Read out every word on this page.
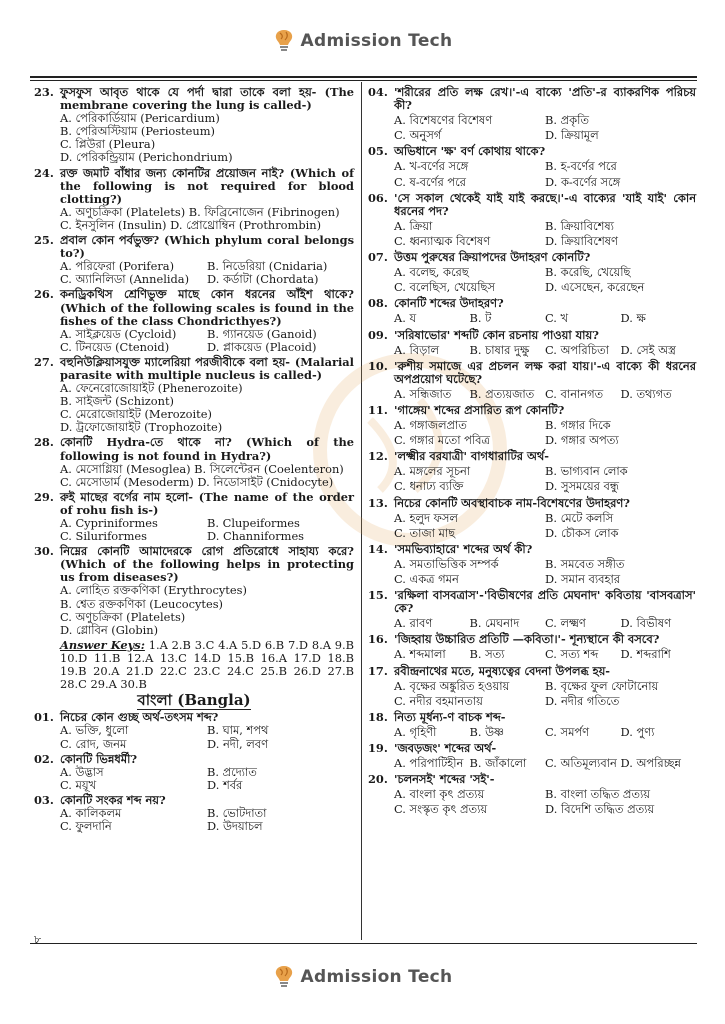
Admission Tech
23. ফুসফুস আবৃত থাকে যে পর্দা দ্বারা তাকে বলা হয়- (The membrane covering the lung is called-)
A. পেরিকার্ডিয়াম (Pericardium)
B. পেরিঅস্টিয়াম (Periosteum)
C. প্লিউরা (Pleura)
D. পেরিকন্ড্রিয়াম (Perichondrium)
24. রক্ত জমাট বাঁধার জন্য কোনটির প্রয়োজন নাই? (Which of the following is not required for blood clotting?)
A. অণুচক্রিকা (Platelets) B. ফিব্রিনোজেন (Fibrinogen)
C. ইনসুলিন (Insulin) D. প্রোথ্রোম্বিন (Prothrombin)
25. প্রবাল কোন পর্বভুক্ত? (Which phylum coral belongs to?)
A. পরিফেরা (Porifera)	B. নিডেরিয়া (Cnidaria)
C. অ্যানিলিডা (Annelida)	D. কর্ডাটা (Chordata)
26. কনড্রিকথিস শ্রেণিভুক্ত মাছে কোন ধরনের আঁইশ থাকে? (Which of the following scales is found in the fishes of the class Chondricthyes?)
A. সাইক্লয়েড (Cycloid)	B. গ্যানয়েড (Ganoid)
C. টিনয়েড (Ctenoid)	D. প্লাকয়েড (Placoid)
27. বহুনিউক্লিয়াসযুক্ত ম্যালেরিয়া পরজীবীকে বলা হয়- (Malarial parasite with multiple nucleus is called-)
A. ফেনেরোজোয়াইট (Phenerozoite)
B. সাইজন্ট (Schizont)
C. মেরোজোয়াইট (Merozoite)
D. ট্রফোজোয়াইট (Trophozoite)
28. কোনটি Hydra-তে থাকে না? (Which of the following is not found in Hydra?)
A. মেসোগ্লিয়া (Mesoglea) B. সিলেন্টেরন (Coelenteron)
C. মেসোডার্ম (Mesoderm) D. নিডোসাইট (Cnidocyte)
29. রুই মাছের বর্গের নাম হলো- (The name of the order of rohu fish is-)
A. Cypriniformes	B. Clupeiformes
C. Siluriformes	D. Channiformes
30. নিম্নের কোনটি আমাদেরকে রোগ প্রতিরোধে সাহায্য করে? (Which of the following helps in protecting us from diseases?)
A. লোহিত রক্তকণিকা (Erythrocytes)
B. শ্বেত রক্তকণিকা (Leucocytes)
C. অণুচক্রিকা (Platelets)
D. গ্লোবিন (Globin)
Answer Keys: 1.A 2.B 3.C 4.A 5.D 6.B 7.D 8.A 9.B 10.D 11.B 12.A 13.C 14.D 15.B 16.A 17.D 18.B 19.B 20.A 21.D 22.C 23.C 24.C 25.B 26.D 27.B 28.C 29.A 30.B
বাংলা (Bangla)
01. নিচের কোন গুচ্ছ অর্থ-তৎসম শব্দ?
A. ভক্তি, ধুলো	B. ঘাম, শপথ
C. রোদ, জনম	D. নদী, লবণ
02. কোনটি ভিন্নধর্মী?
A. উদ্ভাস	B. প্রদ্যোত
C. ময়ূখ	D. শর্বর
03. কোনটি সংকর শব্দ নয়?
A. কালিকলম	B. ভোটদাতা
C. ফুলদানি	D. উদয়াচল
04. 'শরীরের প্রতি লক্ষ রেখ।'-এ বাক্যে 'প্রতি'-র ব্যাকরণিক পরিচয় কী?
A. বিশেষণের বিশেষণ	B. প্রকৃতি
C. অনুসর্গ	D. ক্রিয়ামূল
05. অভিধানে 'ক্ষ' বর্ণ কোথায় থাকে?
A. খ-বর্ণের সঙ্গে	B. হ-বর্ণের পরে
C. ষ-বর্ণের পরে	D. ক-বর্ণের সঙ্গে
06. 'সে সকাল থেকেই যাই যাই করছে।'-এ বাক্যের 'যাই যাই' কোন ধরনের পদ?
A. ক্রিয়া	B. ক্রিয়াবিশেষ্য
C. ধ্বন্যাত্মক বিশেষণ	D. ক্রিয়াবিশেষণ
07. উত্তম পুরুষের ক্রিয়াপদের উদাহরণ কোনটি?
A. বলেছ, করেছ	B. করেছি, খেয়েছি
C. বলেছিস, খেয়েছিস	D. এসেছেন, করেছেন
08. কোনটি শব্দের উদাহরণ?
A. য	B. ট	C. খ	D. ক্ষ
09. 'সরিষাভোর' শব্দটি কোন রচনায় পাওয়া যায়?
A. বিড়াল	B. চাষার দুক্ষু	C. অপরিচিতা	D. সেই অস্ত্র
10. 'রুশীয় সমাজে এর প্রচলন লক্ষ করা যায়।'-এ বাক্যে কী ধরনের অপপ্রয়োগ ঘটেছে?
A. সন্ধিজাত	B. প্রত্যয়জাত C. বানানগত	D. তথ্যগত
11. 'গাঙ্গেয়' শব্দের প্রসারিত রূপ কোনটি?
A. গঙ্গাজলপ্রাত	B. গঙ্গার দিকে
C. গঙ্গার মতো পবিত্র	D. গঙ্গার অপত্য
12. 'লক্ষ্মীর বরযাত্রী' বাগধারাটির অর্থ-
A. মঙ্গলের সূচনা	B. ভাগ্যবান লোক
C. ধনাঢ্য ব্যক্তি	D. সুসময়ের বন্ধু
13. নিচের কোনটি অবস্থাবাচক নাম-বিশেষণের উদাহরণ?
A. হলুদ ফসল	B. মেটে কলসি
C. তাজা মাছ	D. চৌকস লোক
14. 'সমভিব্যাহারে' শব্দের অর্থ কী?
A. সমতাভিত্তিক সম্পর্ক	B. সমবেত সঙ্গীত
C. একত্র গমন	D. সমান ব্যবহার
15. 'রক্ষিলা বাসবত্রাস'-'বিভীষণের প্রতি মেঘনাদ' কবিতায় 'বাসবত্রাস' কে?
A. রাবণ	B. মেঘনাদ	C. লক্ষ্মণ	D. বিভীষণ
16. 'জিহ্বায় উচ্চারিত প্রতিটি —কবিতা।'- শূন্যস্থানে কী বসবে?
A. শব্দমালা	B. সত্য	C. সত্য শব্দ	D. শব্দরাশি
17. রবীন্দ্রনাথের মতে, মনুষ্যত্বের বেদনা উপলব্ধ হয়-
A. বৃক্ষের অঙ্কুরিত হওয়ায়	B. বৃক্ষের ফুল ফোটানোয়
C. নদীর বহমানতায়	D. নদীর গতিতে
18. নিত্য মূর্ধন্য-ণ বাচক শব্দ-
A. গৃহিণী	B. উষ্ণ	C. সমর্পণ	D. পুণ্য
19. 'জবড়জং' শব্দের অর্থ-
A. পরিপাটিহীন B. জাঁকালো	C. অতিমূল্যবান D. অপরিচ্ছন্ন
20. 'চলনসই' শব্দের 'সই'-
A. বাংলা কৃৎ প্রত্যয়	B. বাংলা তদ্ধিত প্রত্যয়
C. সংস্কৃত কৃৎ প্রত্যয়	D. বিদেশি তদ্ধিত প্রত্যয়
৮
Admission Tech
